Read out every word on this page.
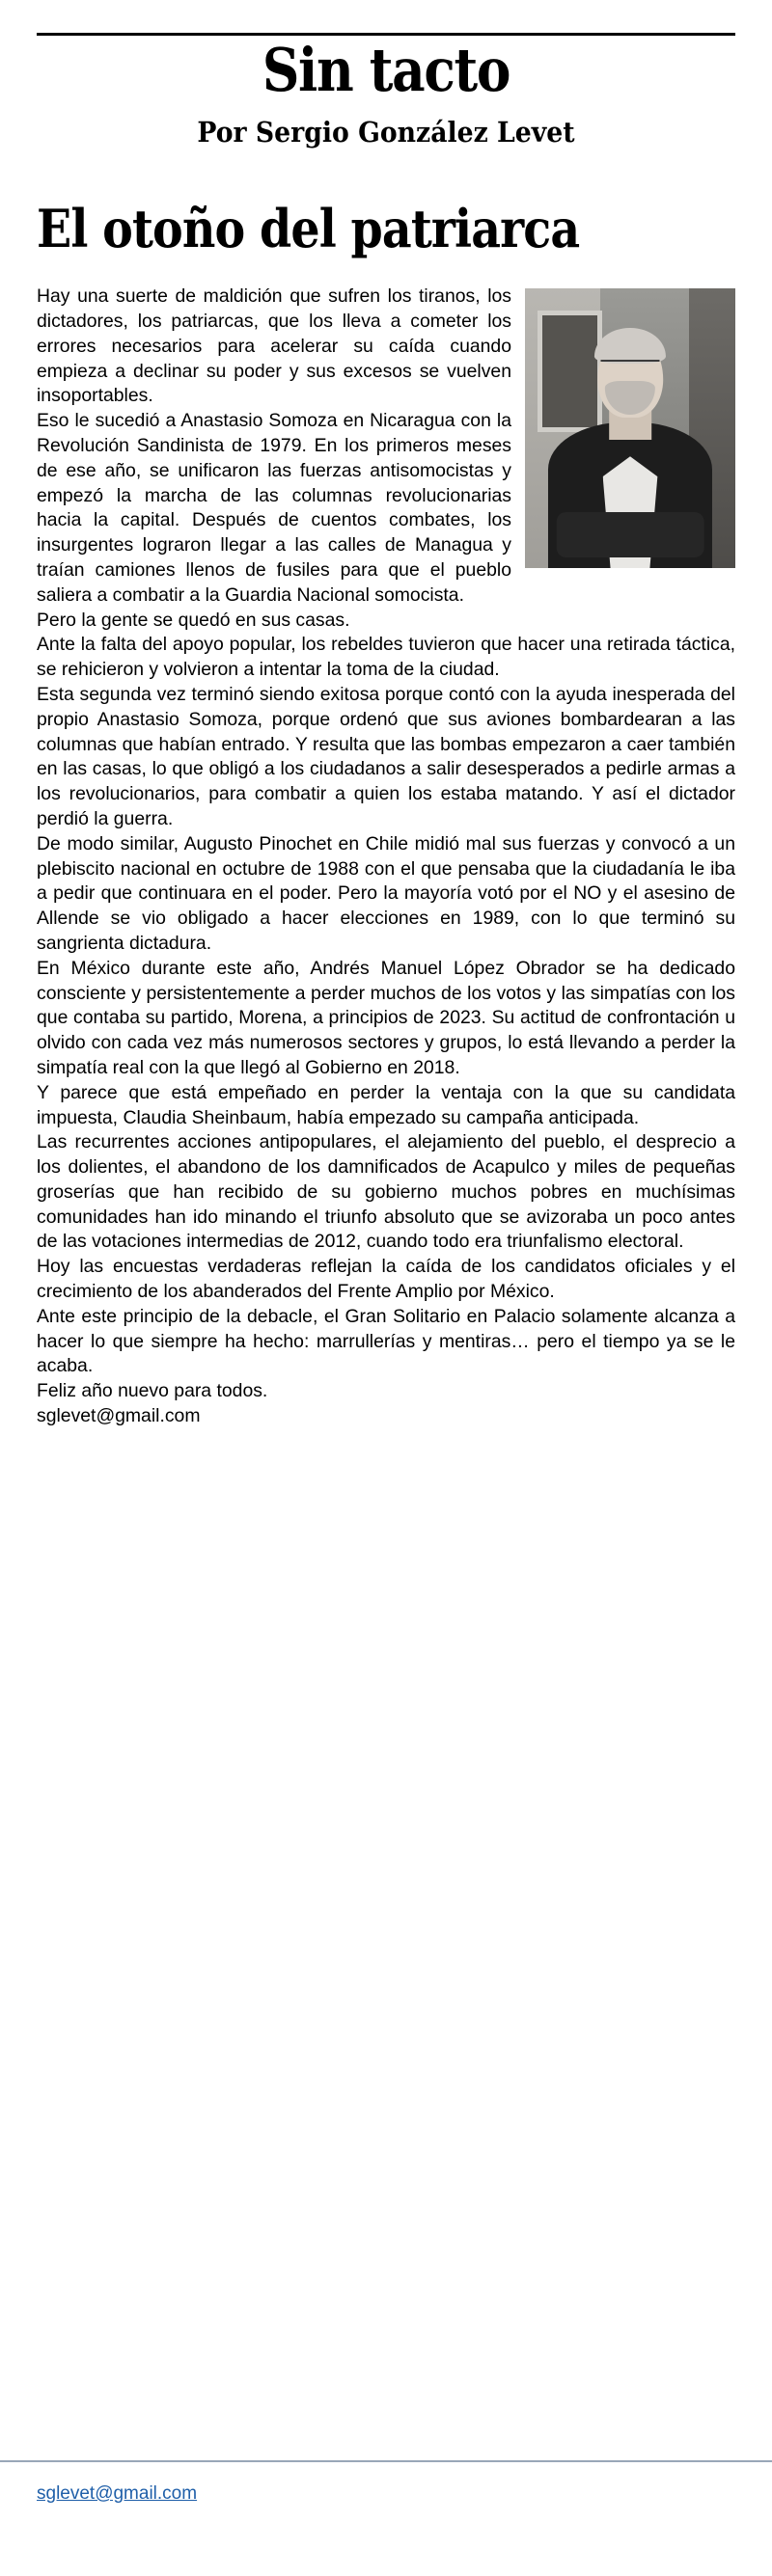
Sin tacto
Por Sergio González Levet
El otoño del patriarca

Hay una suerte de maldición que sufren los tiranos, los dictadores, los patriarcas, que los lleva a cometer los errores necesarios para acelerar su caída cuando empieza a declinar su poder y sus excesos se vuelven insoportables.

Eso le sucedió a Anastasio Somoza en Nicaragua con la Revolución Sandinista de 1979. En los primeros meses de ese año, se unificaron las fuerzas antisomocistas y empezó la marcha de las columnas revolucionarias hacia la capital. Después de cuentos combates, los insurgentes lograron llegar a las calles de Managua y traían camiones llenos de fusiles para que el pueblo saliera a combatir a la Guardia Nacional somocista.

Pero la gente se quedó en sus casas.

Ante la falta del apoyo popular, los rebeldes tuvieron que hacer una retirada táctica, se rehicieron y volvieron a intentar la toma de la ciudad.

Esta segunda vez terminó siendo exitosa porque contó con la ayuda inesperada del propio Anastasio Somoza, porque ordenó que sus aviones bombardearan a las columnas que habían entrado. Y resulta que las bombas empezaron a caer también en las casas, lo que obligó a los ciudadanos a salir desesperados a pedirle armas a los revolucionarios, para combatir a quien los estaba matando. Y así el dictador perdió la guerra.

De modo similar, Augusto Pinochet en Chile midió mal sus fuerzas y convocó a un plebiscito nacional en octubre de 1988 con el que pensaba que la ciudadanía le iba a pedir que continuara en el poder. Pero la mayoría votó por el NO y el asesino de Allende se vio obligado a hacer elecciones en 1989, con lo que terminó su sangrienta dictadura.

En México durante este año, Andrés Manuel López Obrador se ha dedicado consciente y persistentemente a perder muchos de los votos y las simpatías con los que contaba su partido, Morena, a principios de 2023. Su actitud de confrontación u olvido con cada vez más numerosos sectores y grupos, lo está llevando a perder la simpatía real con la que llegó al Gobierno en 2018.

Y parece que está empeñado en perder la ventaja con la que su candidata impuesta, Claudia Sheinbaum, había empezado su campaña anticipada.

Las recurrentes acciones antipopulares, el alejamiento del pueblo, el desprecio a los dolientes, el abandono de los damnificados de Acapulco y miles de pequeñas groserías que han recibido de su gobierno muchos pobres en muchísimas comunidades han ido minando el triunfo absoluto que se avizoraba un poco antes de las votaciones intermedias de 2012, cuando todo era triunfalismo electoral.

Hoy las encuestas verdaderas reflejan la caída de los candidatos oficiales y el crecimiento de los abanderados del Frente Amplio por México.

Ante este principio de la debacle, el Gran Solitario en Palacio solamente alcanza a hacer lo que siempre ha hecho: marrullerías y mentiras… pero el tiempo ya se le acaba.

Feliz año nuevo para todos.

sglevet@gmail.com

sglevet@gmail.com
